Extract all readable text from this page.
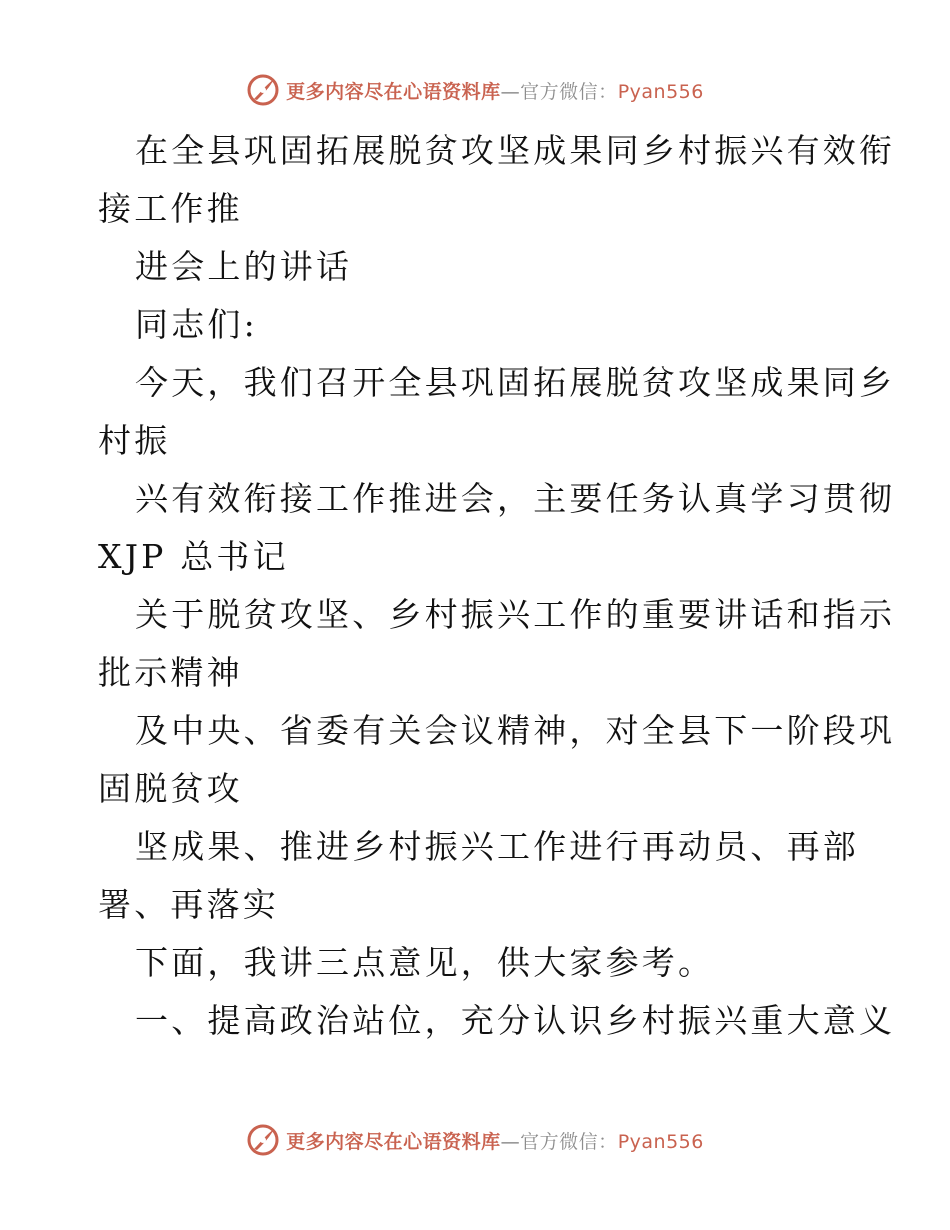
更多内容尽在心语资料库—官方微信：Pyan556
在全县巩固拓展脱贫攻坚成果同乡村振兴有效衔
接工作推
进会上的讲话
同志们:
今天，我们召开全县巩固拓展脱贫攻坚成果同乡
村振
兴有效衔接工作推进会，主要任务认真学习贯彻
XJP 总书记
关于脱贫攻坚、乡村振兴工作的重要讲话和指示
批示精神
及中央、省委有关会议精神，对全县下一阶段巩
固脱贫攻
坚成果、推进乡村振兴工作进行再动员、再部
署、再落实
下面，我讲三点意见，供大家参考。
一、提高政治站位，充分认识乡村振兴重大意义
更多内容尽在心语资料库—官方微信：Pyan556
